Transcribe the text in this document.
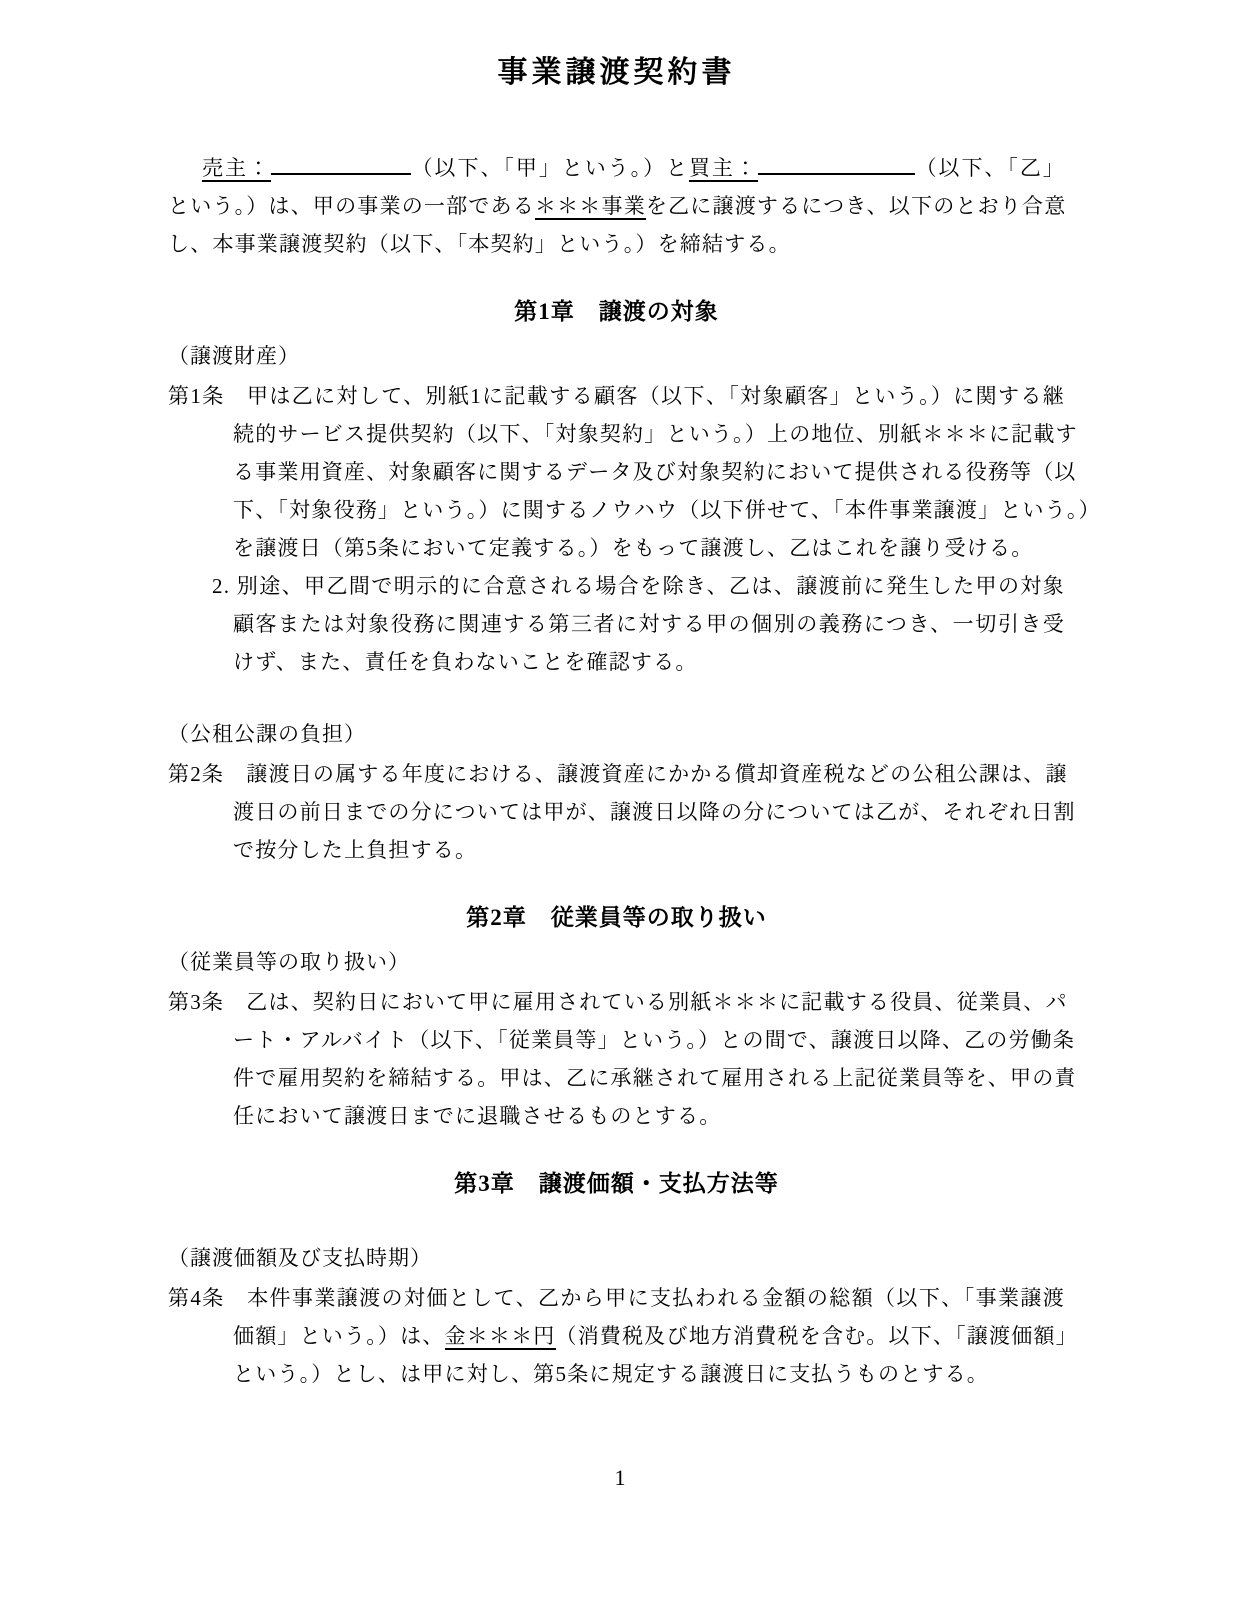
事業譲渡契約書
売主：	（以下、「甲」という。）と買主：	（以下、「乙」
という。）は、甲の事業の一部である＊＊＊事業を乙に譲渡するにつき、以下のとおり合意
し、本事業譲渡契約（以下、「本契約」という。）を締結する。
第1章　譲渡の対象
（譲渡財産）
第1条　甲は乙に対して、別紙1に記載する顧客（以下、「対象顧客」という。）に関する継
続的サービス提供契約（以下、「対象契約」という。）上の地位、別紙＊＊＊に記載す
る事業用資産、対象顧客に関するデータ及び対象契約において提供される役務等（以
下、「対象役務」という。）に関するノウハウ（以下併せて、「本件事業譲渡」という。）
を譲渡日（第5条において定義する。）をもって譲渡し、乙はこれを譲り受ける。
2. 別途、甲乙間で明示的に合意される場合を除き、乙は、譲渡前に発生した甲の対象
顧客または対象役務に関連する第三者に対する甲の個別の義務につき、一切引き受
けず、また、責任を負わないことを確認する。
（公租公課の負担）
第2条　譲渡日の属する年度における、譲渡資産にかかる償却資産税などの公租公課は、譲
渡日の前日までの分については甲が、譲渡日以降の分については乙が、それぞれ日割
で按分した上負担する。
第2章　従業員等の取り扱い
（従業員等の取り扱い）
第3条　乙は、契約日において甲に雇用されている別紙＊＊＊に記載する役員、従業員、パ
ート・アルバイト（以下、「従業員等」という。）との間で、譲渡日以降、乙の労働条
件で雇用契約を締結する。甲は、乙に承継されて雇用される上記従業員等を、甲の責
任において譲渡日までに退職させるものとする。
第3章　譲渡価額・支払方法等
（譲渡価額及び支払時期）
第4条　本件事業譲渡の対価として、乙から甲に支払われる金額の総額（以下、「事業譲渡
価額」という。）は、金＊＊＊円（消費税及び地方消費税を含む。以下、「譲渡価額」
という。）とし、は甲に対し、第5条に規定する譲渡日に支払うものとする。
1
